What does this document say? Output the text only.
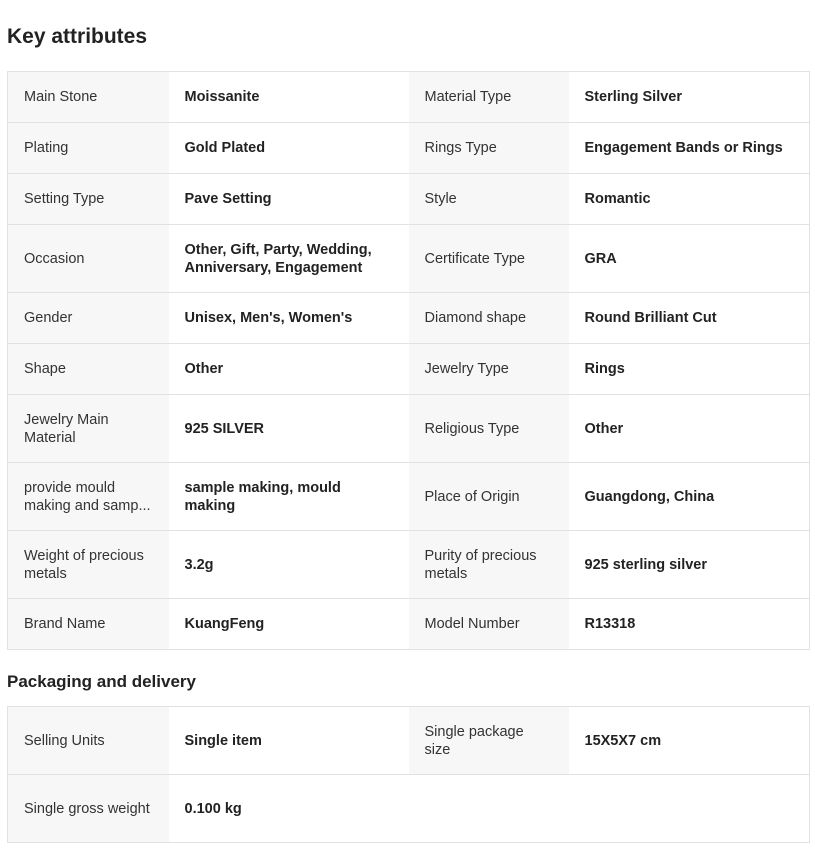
Key attributes
Main Stone	Moissanite	Material Type	Sterling Silver
Plating	Gold Plated	Rings Type	Engagement Bands or Rings
Setting Type	Pave Setting	Style	Romantic
Occasion	Other, Gift, Party, Wedding, Anniversary, Engagement	Certificate Type	GRA
Gender	Unisex, Men's, Women's	Diamond shape	Round Brilliant Cut
Shape	Other	Jewelry Type	Rings

Jewelry Main Material	925 SILVER	Religious Type	Other

provide mould making and samp...	sample making, mould making	Place of Origin	Guangdong, China

Weight of precious metals	3.2g	Purity of precious metals	925 sterling silver
Brand Name	KuangFeng	Model Number	R13318
Packaging and delivery
Selling Units	Single item	Single package size	15X5X7 cm

Single gross weight	0.100 kg		
